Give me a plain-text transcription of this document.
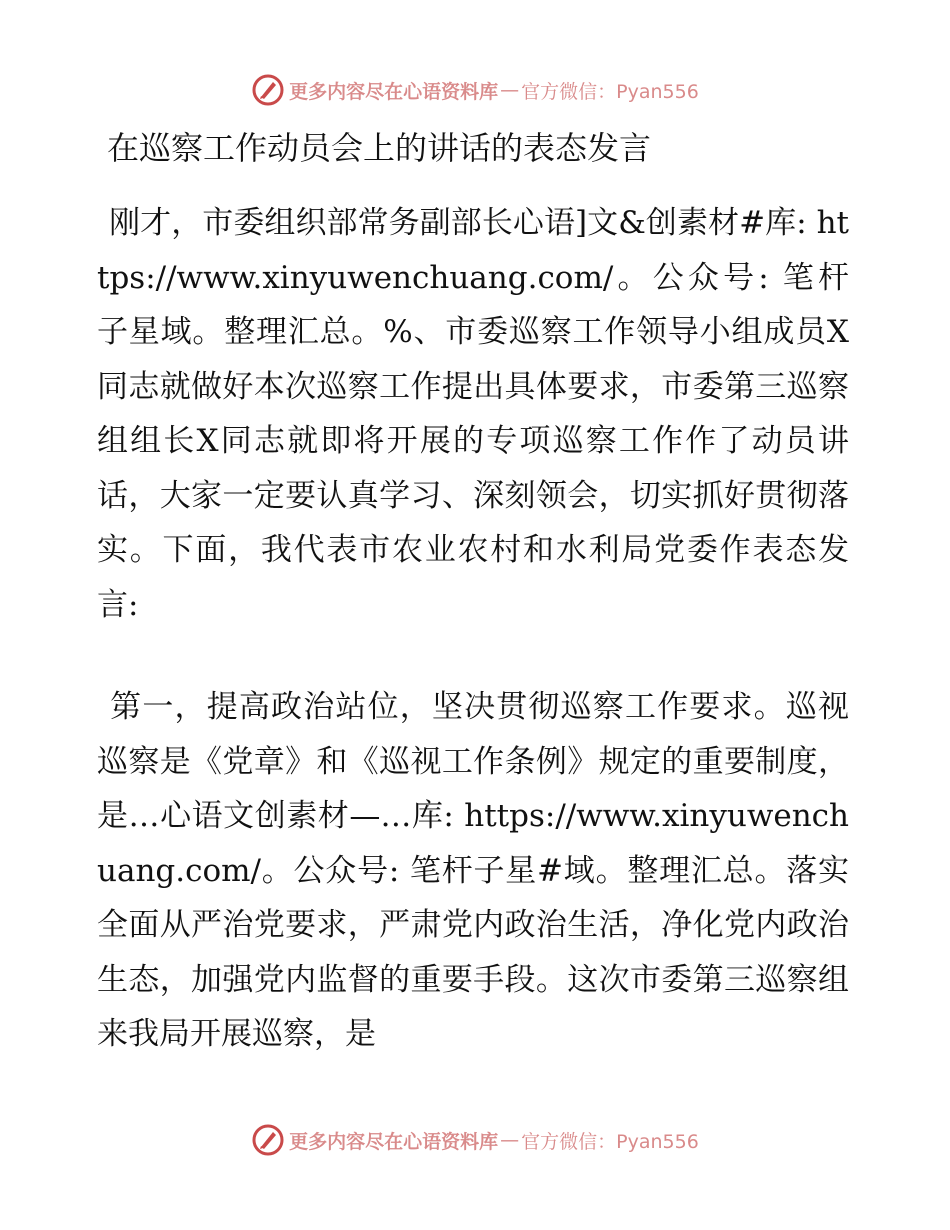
更多内容尽在心语资料库 — 官方微信：Pyan556
在巡察工作动员会上的讲话的表态发言

刚才，市委组织部常务副部长心语]文&创素材#库: https://www.xinyuwenchuang.com/。公众号: 笔杆子星域。整理汇总。%、市委巡察工作领导小组成员X同志就做好本次巡察工作提出具体要求，市委第三巡察组组长X同志就即将开展的专项巡察工作作了动员讲话，大家一定要认真学习、深刻领会，切实抓好贯彻落实。下面，我代表市农业农村和水利局党委作表态发言:

第一，提高政治站位，坚决贯彻巡察工作要求。巡视巡察是《党章》和《巡视工作条例》规定的重要制度，是…心语文创素材—…库: https://www.xinyuwenchuang.com/。公众号: 笔杆子星#域。整理汇总。落实全面从严治党要求，严肃党内政治生活，净化党内政治生态，加强党内监督的重要手段。这次市委第三巡察组来我局开展巡察，是

更多内容尽在心语资料库 — 官方微信：Pyan556
